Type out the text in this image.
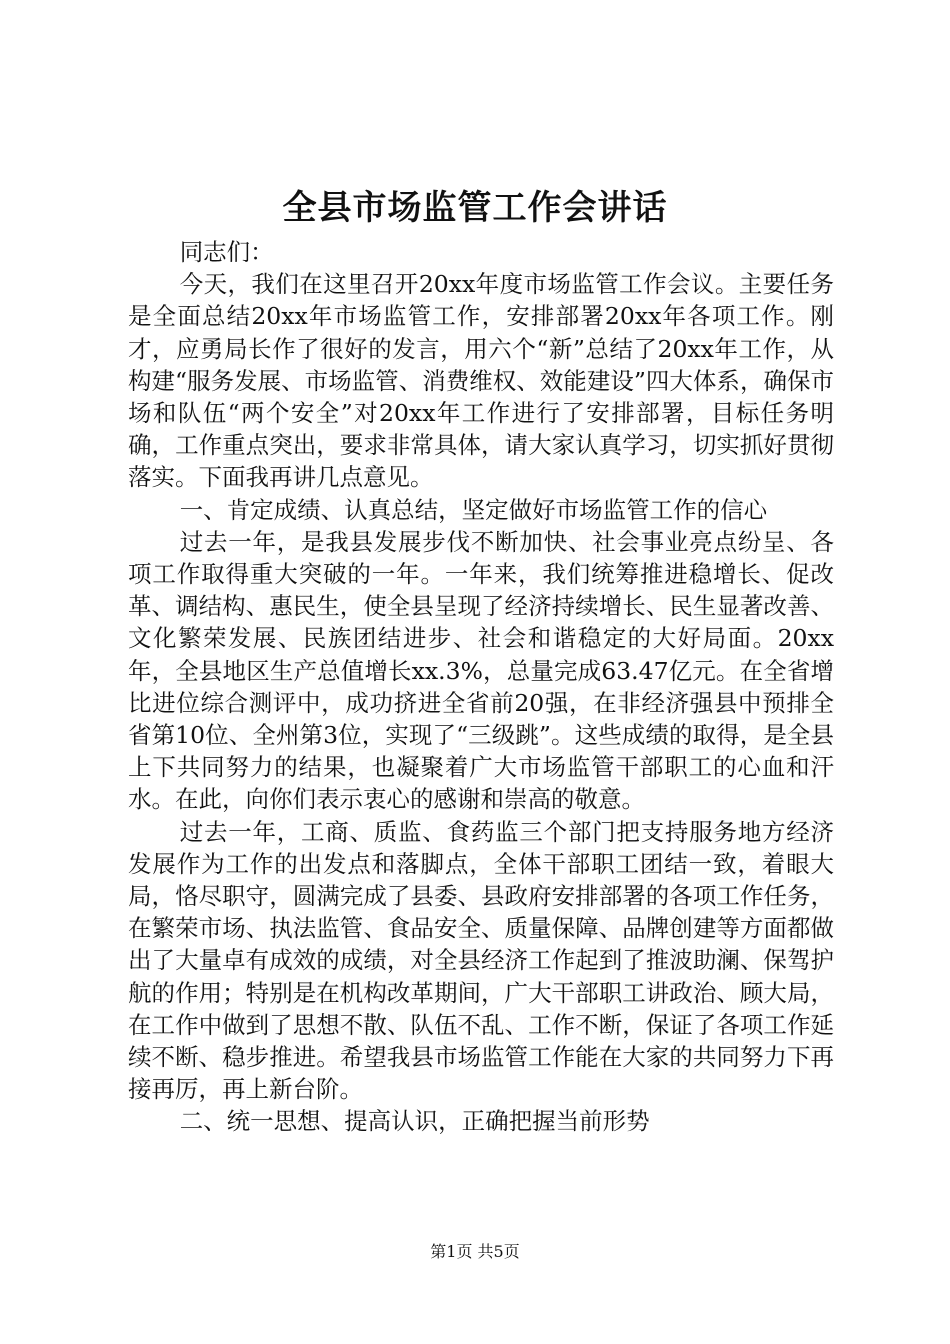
全县市场监管工作会讲话

同志们：

今天，我们在这里召开20xx年度市场监管工作会议。主要任务是全面总结20xx年市场监管工作，安排部署20xx年各项工作。刚才，应勇局长作了很好的发言，用六个“新”总结了20xx年工作，从构建“服务发展、市场监管、消费维权、效能建设”四大体系，确保市场和队伍“两个安全”对20xx年工作进行了安排部署，目标任务明确，工作重点突出，要求非常具体，请大家认真学习，切实抓好贯彻落实。下面我再讲几点意见。

一、肯定成绩、认真总结，坚定做好市场监管工作的信心

过去一年，是我县发展步伐不断加快、社会事业亮点纷呈、各项工作取得重大突破的一年。一年来，我们统筹推进稳增长、促改革、调结构、惠民生，使全县呈现了经济持续增长、民生显著改善、文化繁荣发展、民族团结进步、社会和谐稳定的大好局面。20xx年，全县地区生产总值增长xx.3%，总量完成63.47亿元。在全省增比进位综合测评中，成功挤进全省前20强，在非经济强县中预排全省第10位、全州第3位，实现了“三级跳”。这些成绩的取得，是全县上下共同努力的结果，也凝聚着广大市场监管干部职工的心血和汗水。在此，向你们表示衷心的感谢和崇高的敬意。

过去一年，工商、质监、食药监三个部门把支持服务地方经济发展作为工作的出发点和落脚点，全体干部职工团结一致，着眼大局，恪尽职守，圆满完成了县委、县政府安排部署的各项工作任务，在繁荣市场、执法监管、食品安全、质量保障、品牌创建等方面都做出了大量卓有成效的成绩，对全县经济工作起到了推波助澜、保驾护航的作用；特别是在机构改革期间，广大干部职工讲政治、顾大局，在工作中做到了思想不散、队伍不乱、工作不断，保证了各项工作延续不断、稳步推进。希望我县市场监管工作能在大家的共同努力下再接再厉，再上新台阶。

二、统一思想、提高认识，正确把握当前形势

第1页 共5页
